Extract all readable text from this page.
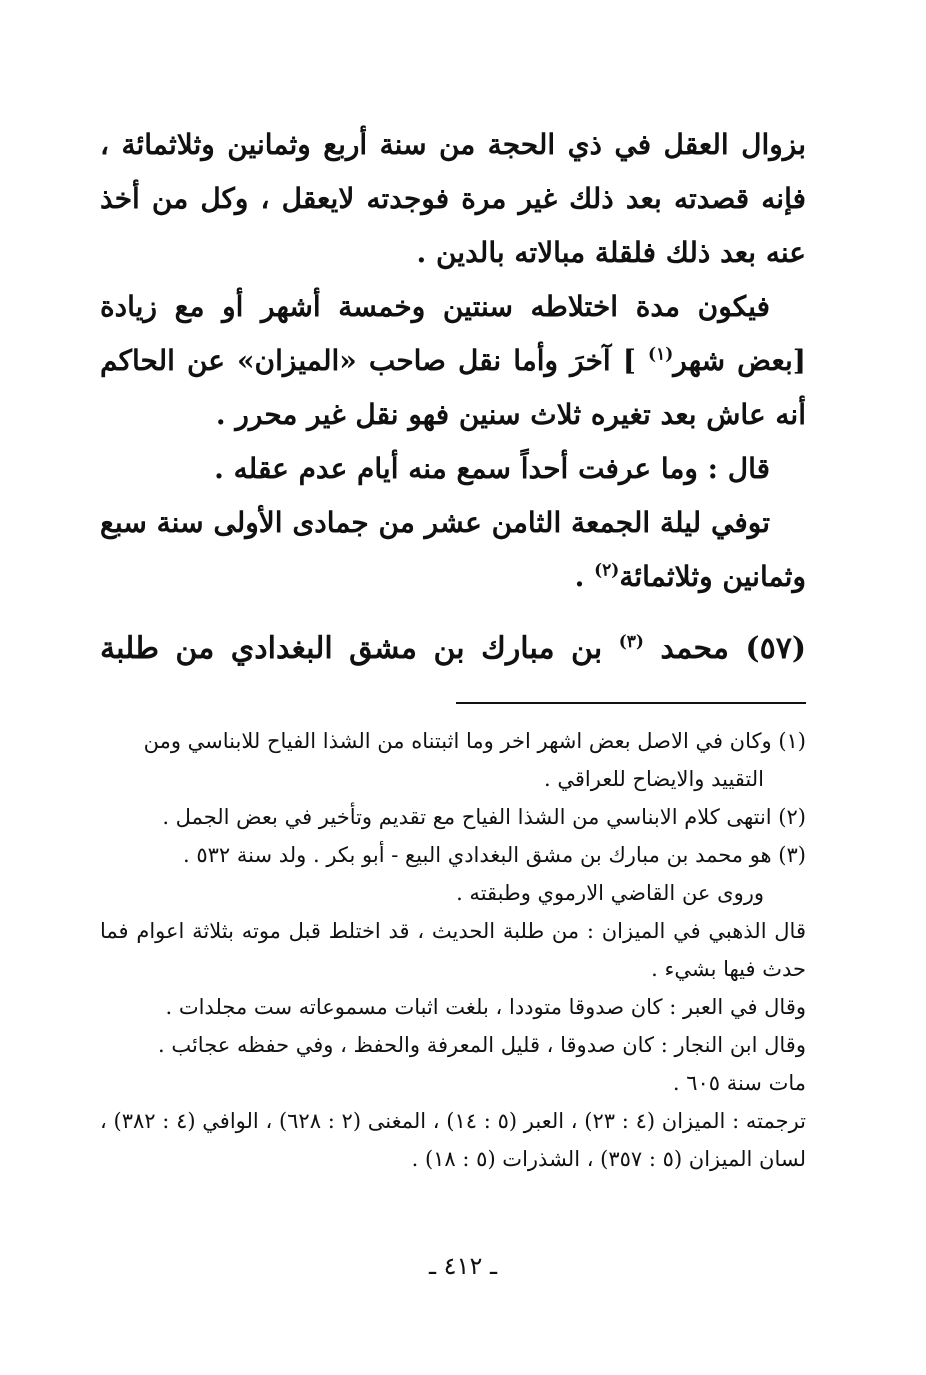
بزوال العقل في ذي الحجة من سنة أربع وثمانين وثلاثمائة ، فإنه قصدته بعد ذلك غير مرة فوجدته لايعقل ، وكل من أخذ عنه بعد ذلك فلقلة مبالاته بالدين .

فيكون مدة اختلاطه سنتين وخمسة أشهر أو مع زيادة [بعض شهر$^{(١)}$ ] آخرَ وأما نقل صاحب «الميزان» عن الحاكم أنه عاش بعد تغيره ثلاث سنين فهو نقل غير محرر .

قال : وما عرفت أحداً سمع منه أيام عدم عقله .

توفي ليلة الجمعة الثامن عشر من جمادى الأولى سنة سبع وثمانين وثلاثمائة$^{(٢)}$ .

(٥٧) محمد $^{(٣)}$ بن مبارك بن مشق البغدادي من طلبة

(١) وكان في الاصل بعض اشهر اخر وما اثبتناه من الشذا الفياح للابناسي ومن

التقييد والايضاح للعراقي .

(٢) انتهى كلام الابناسي من الشذا الفياح مع تقديم وتأخير في بعض الجمل .

(٣) هو محمد بن مبارك بن مشق البغدادي البيع - أبو بكر . ولد سنة ٥٣٢ .

وروى عن القاضي الارموي وطبقته .

قال الذهبي في الميزان : من طلبة الحديث ، قد اختلط قبل موته بثلاثة اعوام فما حدث فيها بشيء .

وقال في العبر : كان صدوقا متوددا ، بلغت اثبات مسموعاته ست مجلدات .

وقال ابن النجار : كان صدوقا ، قليل المعرفة والحفظ ، وفي حفظه عجائب .

مات سنة ٦٠٥ .

ترجمته : الميزان (٤ : ٢٣) ، العبر (٥ : ١٤) ، المغنى (٢ : ٦٢٨) ، الوافي (٤ : ٣٨٢) ، لسان الميزان (٥ : ٣٥٧) ، الشذرات (٥ : ١٨) .

ـ ٤١٢ ـ
